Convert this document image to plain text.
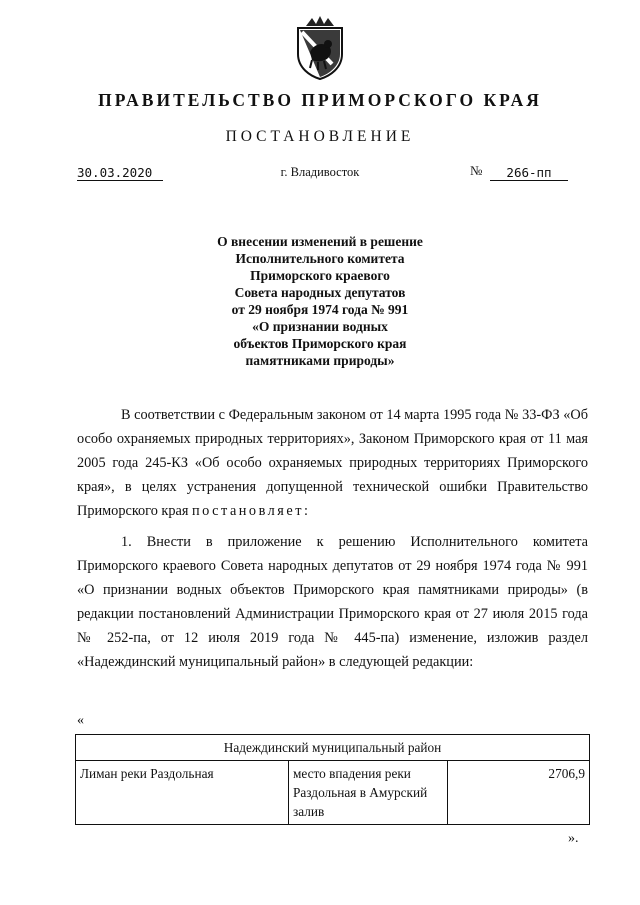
ПРАВИТЕЛЬСТВО ПРИМОРСКОГО КРАЯ
ПОСТАНОВЛЕНИЕ
30.03.2020	г. Владивосток	№	266-пп
О внесении изменений в решение
Исполнительного комитета
Приморского краевого
Совета народных депутатов
от 29 ноября 1974 года № 991
«О признании водных
объектов Приморского края
памятниками природы»
В соответствии с Федеральным законом от 14 марта 1995 года № 33-ФЗ «Об особо охраняемых природных территориях», Законом Приморского края от 11 мая 2005 года 245-КЗ «Об особо охраняемых природных территориях Приморского края», в целях устранения допущенной технической ошибки Правительство Приморского края постановляет:
1. Внести в приложение к решению Исполнительного комитета Приморского краевого Совета народных депутатов от 29 ноября 1974 года № 991 «О признании водных объектов Приморского края памятниками природы» (в редакции постановлений Администрации Приморского края от 27 июля 2015 года № 252-па, от 12 июля 2019 года № 445-па) изменение, изложив раздел «Надеждинский муниципальный район» в следующей редакции:
«
Надеждинский муниципальный район
Лиман реки Раздольная	место впадения реки Раздольная в Амурский залив	2706,9
».
